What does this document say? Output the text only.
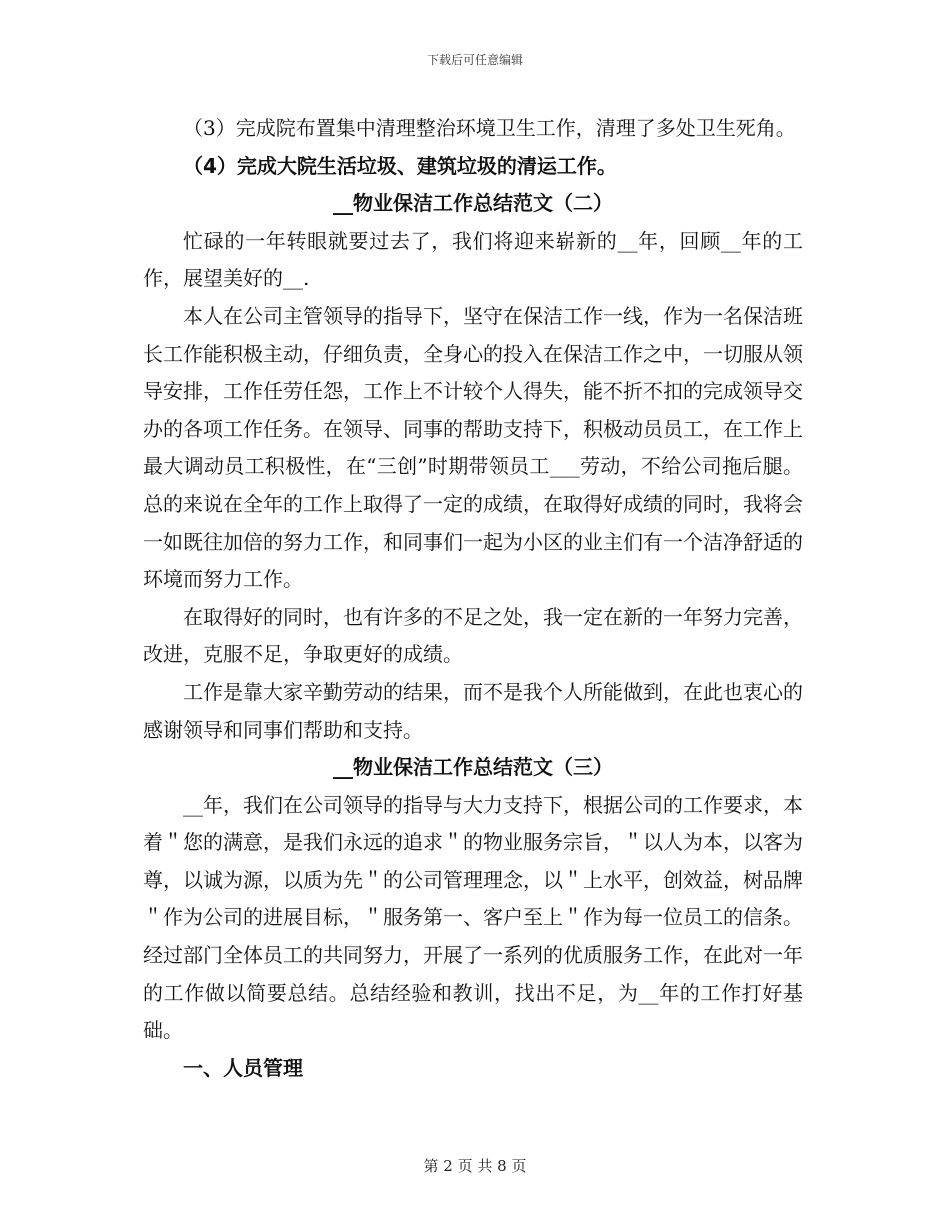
下载后可任意编辑

（3）完成院布置集中清理整治环境卫生工作，清理了多处卫生死角。

（4）完成大院生活垃圾、建筑垃圾的清运工作。

__物业保洁工作总结范文（二）

忙碌的一年转眼就要过去了，我们将迎来崭新的__年，回顾__年的工作，展望美好的__.

本人在公司主管领导的指导下，坚守在保洁工作一线，作为一名保洁班长工作能积极主动，仔细负责，全身心的投入在保洁工作之中，一切服从领导安排，工作任劳任怨，工作上不计较个人得失，能不折不扣的完成领导交办的各项工作任务。在领导、同事的帮助支持下，积极动员员工，在工作上最大调动员工积极性，在“三创”时期带领员工___劳动，不给公司拖后腿。总的来说在全年的工作上取得了一定的成绩，在取得好成绩的同时，我将会一如既往加倍的努力工作，和同事们一起为小区的业主们有一个洁净舒适的环境而努力工作。

在取得好的同时，也有许多的不足之处，我一定在新的一年努力完善，改进，克服不足，争取更好的成绩。

工作是靠大家辛勤劳动的结果，而不是我个人所能做到，在此也衷心的感谢领导和同事们帮助和支持。

__物业保洁工作总结范文（三）

__年，我们在公司领导的指导与大力支持下，根据公司的工作要求，本着＂您的满意，是我们永远的追求＂的物业服务宗旨，＂以人为本，以客为尊，以诚为源，以质为先＂的公司管理理念，以＂上水平，创效益，树品牌＂作为公司的进展目标，＂服务第一、客户至上＂作为每一位员工的信条。经过部门全体员工的共同努力，开展了一系列的优质服务工作，在此对一年的工作做以简要总结。总结经验和教训，找出不足，为__年的工作打好基础。

一、人员管理

第 2 页 共 8 页
